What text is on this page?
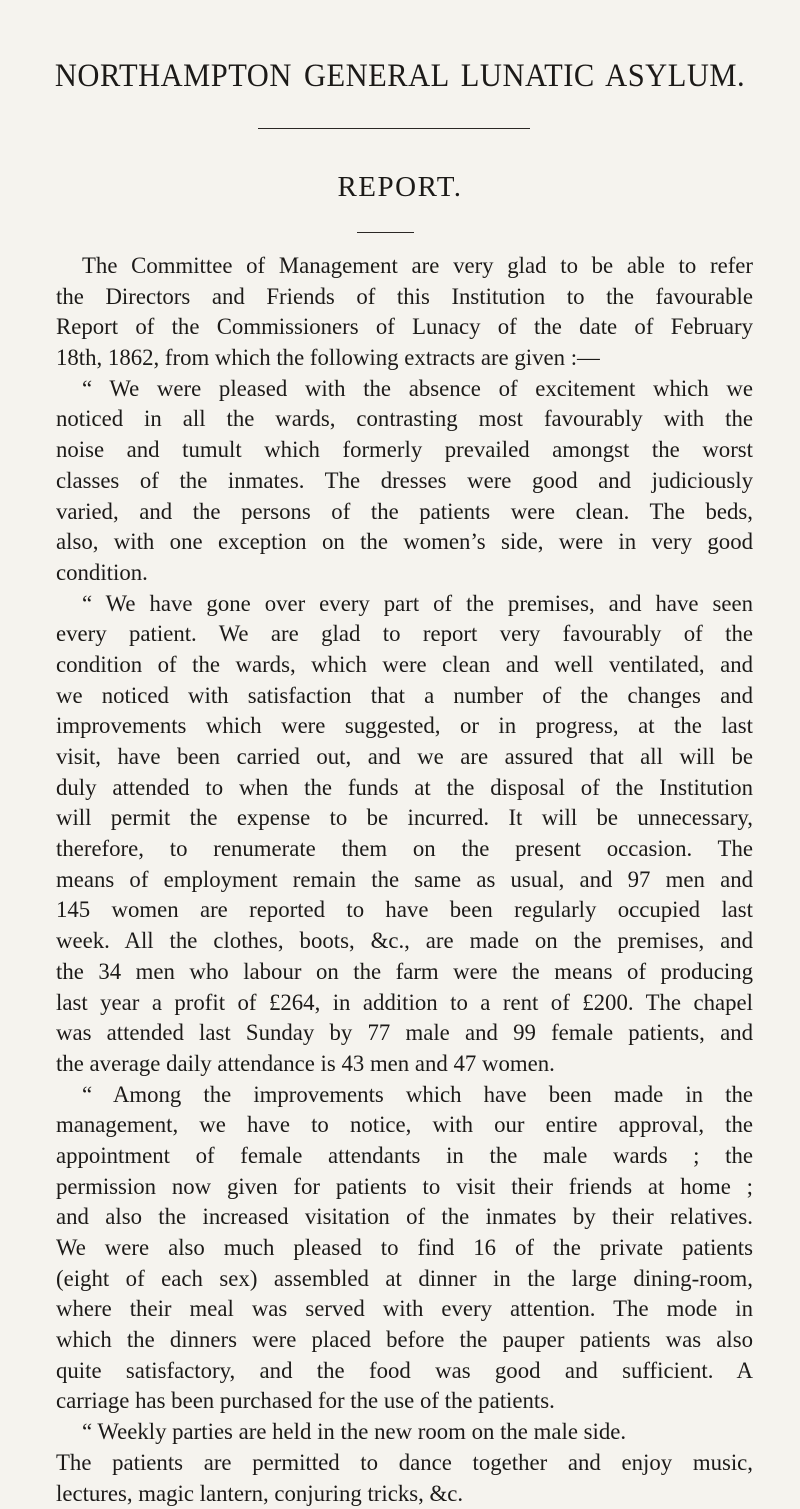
NORTHAMPTON GENERAL LUNATIC ASYLUM.
REPORT.
The Committee of Management are very glad to be able to refer
the Directors and Friends of this Institution to the favourable
Report of the Commissioners of Lunacy of the date of February
18th, 1862, from which the following extracts are given :—
“ We were pleased with the absence of excitement which we
noticed in all the wards, contrasting most favourably with the
noise and tumult which formerly prevailed amongst the worst
classes of the inmates. The dresses were good and judiciously
varied, and the persons of the patients were clean. The beds,
also, with one exception on the women’s side, were in very good
condition.
“ We have gone over every part of the premises, and have seen
every patient. We are glad to report very favourably of the
condition of the wards, which were clean and well ventilated, and
we noticed with satisfaction that a number of the changes and
improvements which were suggested, or in progress, at the last
visit, have been carried out, and we are assured that all will be
duly attended to when the funds at the disposal of the Institution
will permit the expense to be incurred. It will be unnecessary,
therefore, to renumerate them on the present occasion. The
means of employment remain the same as usual, and 97 men and
145 women are reported to have been regularly occupied last
week. All the clothes, boots, &c., are made on the premises, and
the 34 men who labour on the farm were the means of producing
last year a profit of £264, in addition to a rent of £200. The chapel
was attended last Sunday by 77 male and 99 female patients, and
the average daily attendance is 43 men and 47 women.
“ Among the improvements which have been made in the
management, we have to notice, with our entire approval, the
appointment of female attendants in the male wards ; the
permission now given for patients to visit their friends at home ;
and also the increased visitation of the inmates by their relatives.
We were also much pleased to find 16 of the private patients
(eight of each sex) assembled at dinner in the large dining-room,
where their meal was served with every attention. The mode in
which the dinners were placed before the pauper patients was also
quite satisfactory, and the food was good and sufficient. A
carriage has been purchased for the use of the patients.
“ Weekly parties are held in the new room on the male side.
The patients are permitted to dance together and enjoy music,
lectures, magic lantern, conjuring tricks, &c.
